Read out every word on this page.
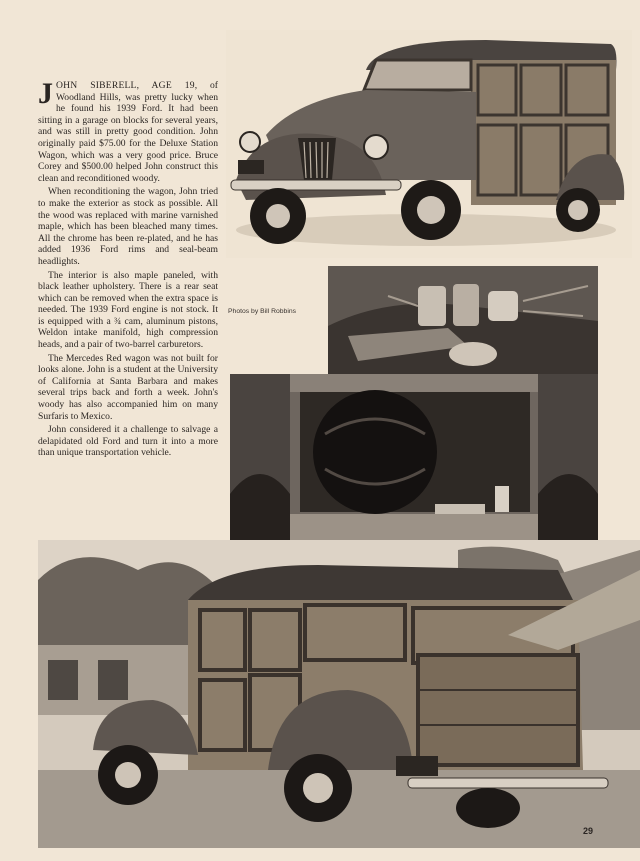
JOHN SIBERELL, AGE 19, of Woodland Hills, was pretty lucky when he found his 1939 Ford. It had been sitting in a garage on blocks for several years, and was still in pretty good condition. John originally paid $75.00 for the Deluxe Station Wagon, which was a very good price. Bruce Corey and $500.00 helped John construct this clean and reconditioned woody.

When reconditioning the wagon, John tried to make the exterior as stock as possible. All the wood was replaced with marine varnished maple, which has been bleached many times. All the chrome has been re-plated, and he has added 1936 Ford rims and seal-beam headlights.

The interior is also maple paneled, with black leather upholstery. There is a rear seat which can be removed when the extra space is needed. The 1939 Ford engine is not stock. It is equipped with a ¾ cam, aluminum pistons, Weldon intake manifold, high compression heads, and a pair of two-barrel carburetors.

The Mercedes Red wagon was not built for looks alone. John is a student at the University of California at Santa Barbara and makes several trips back and forth a week. John's woody has also accompanied him on many Surfaris to Mexico.

John considered it a challenge to salvage a delapidated old Ford and turn it into a more than unique transportation vehicle.

Photos by Bill Robbins
29
